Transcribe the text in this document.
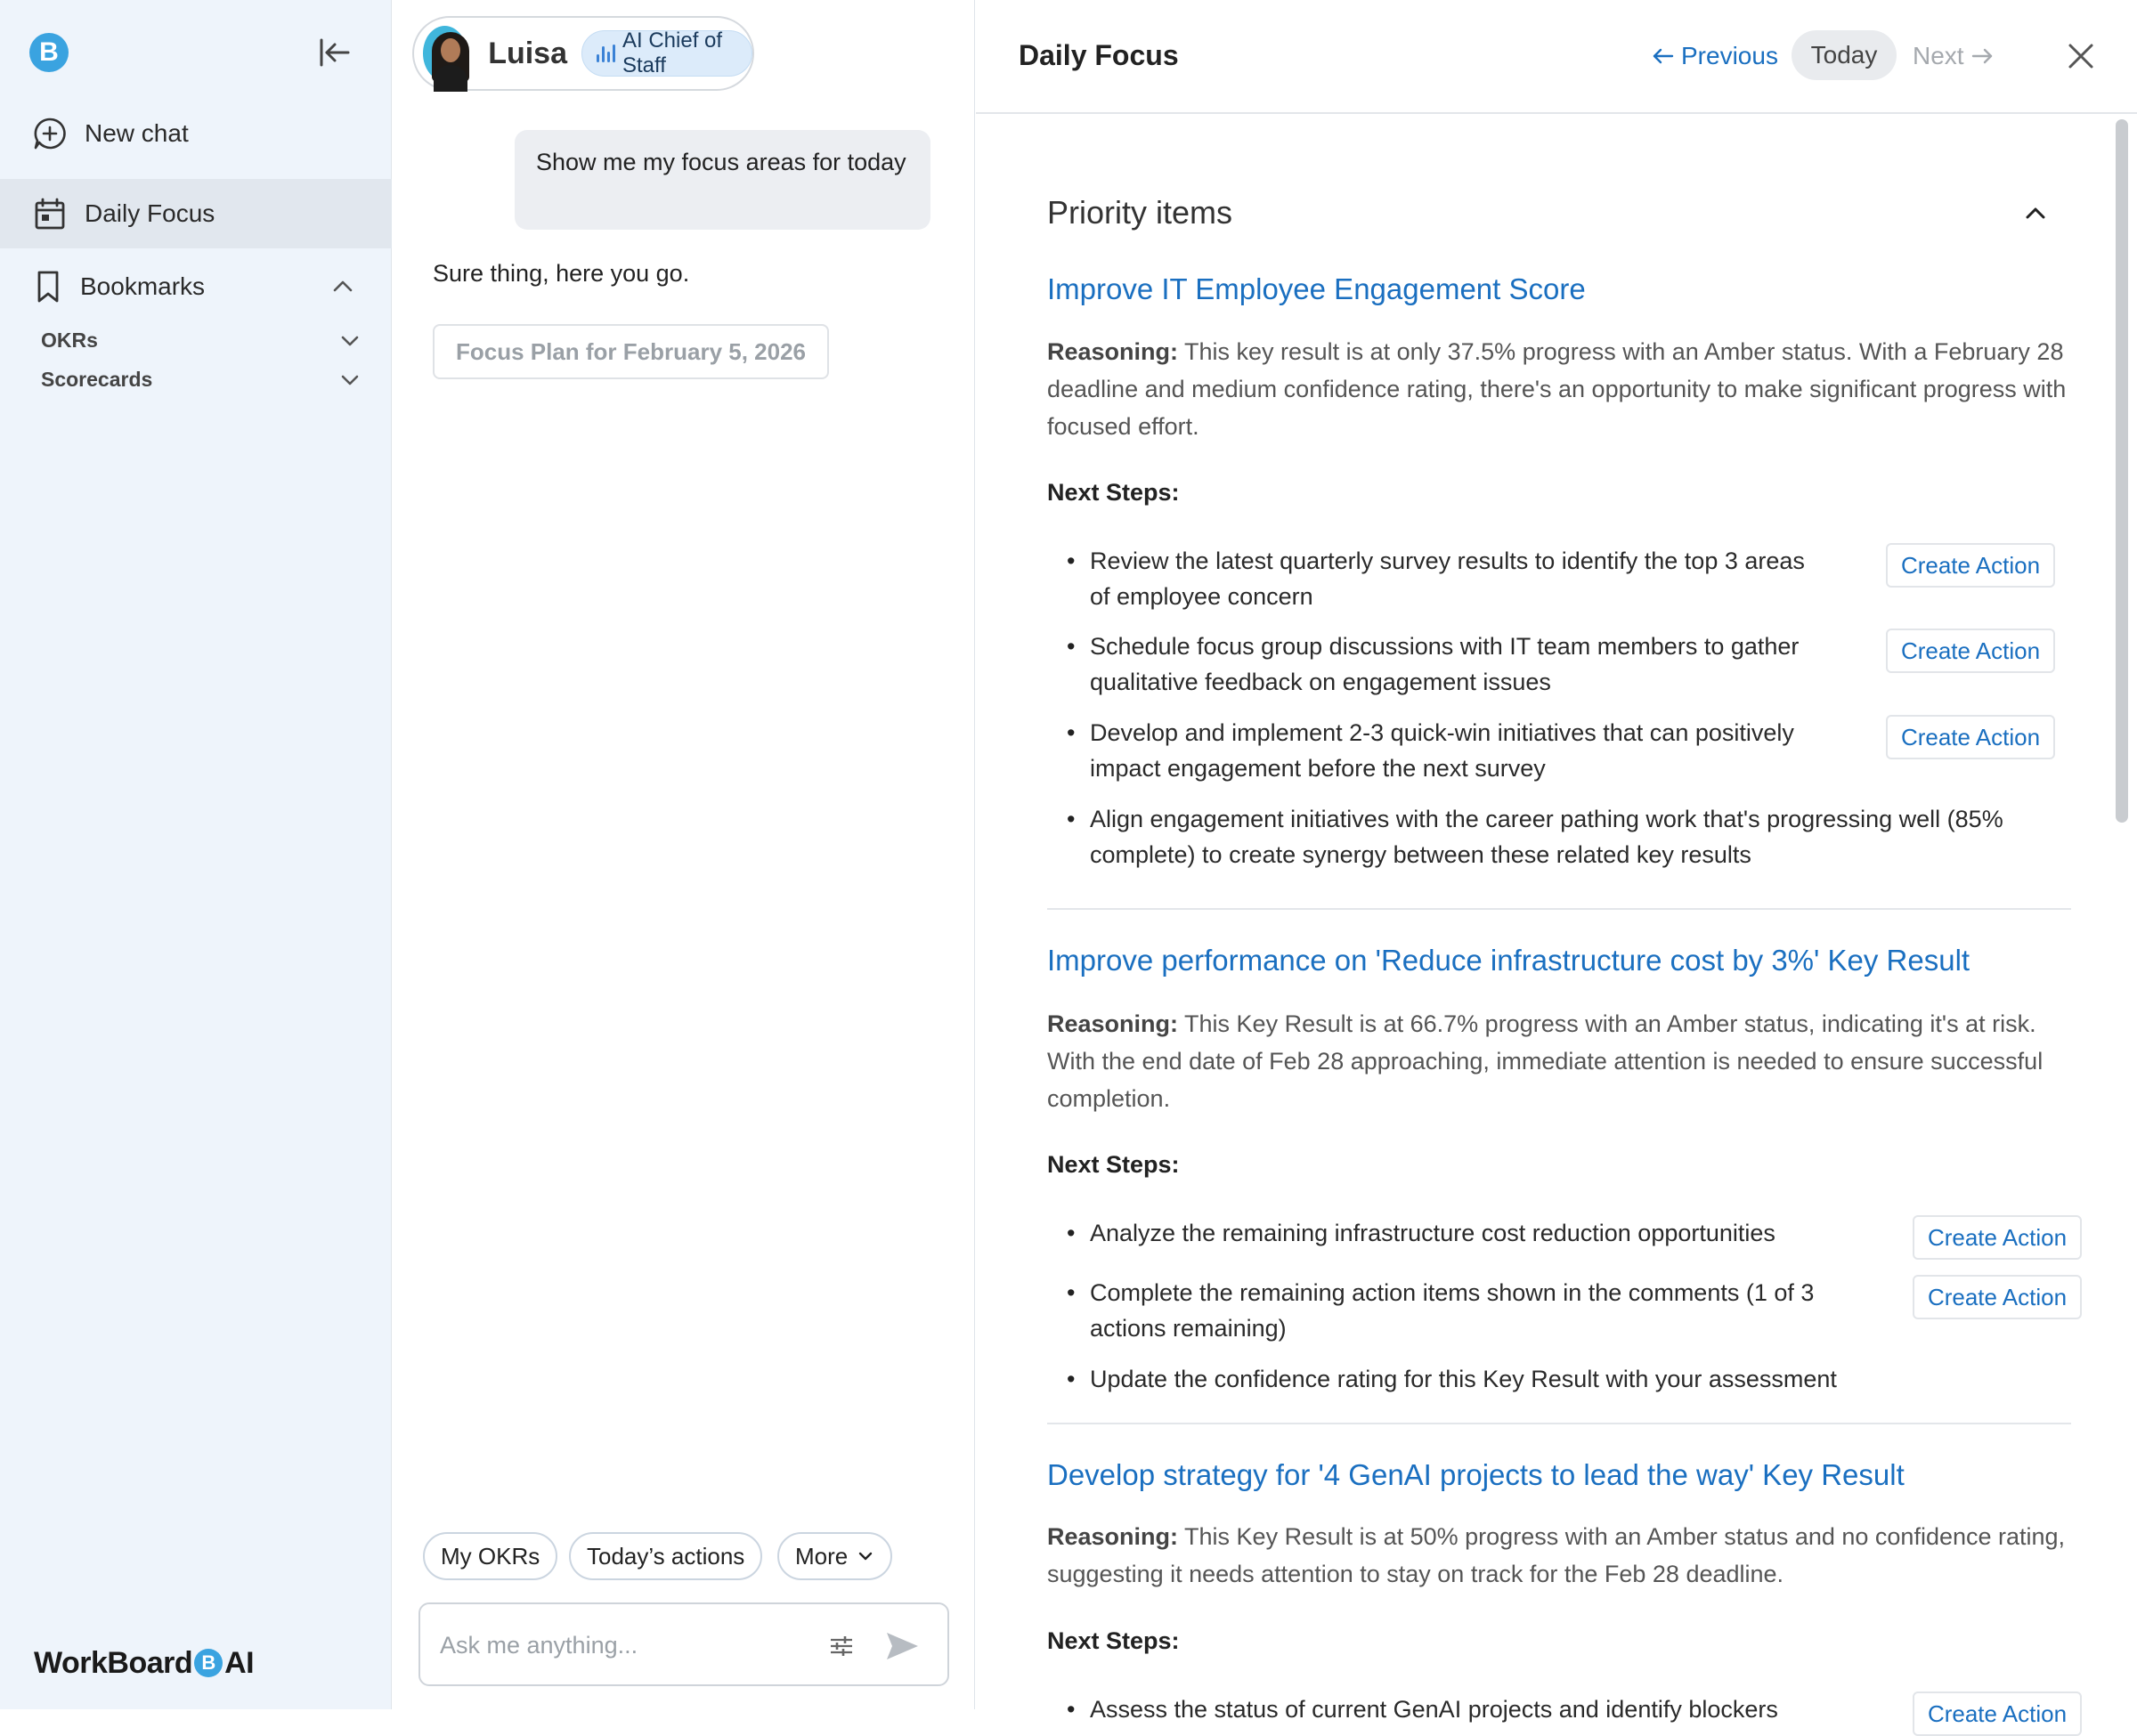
B
New chat
Daily Focus
Bookmarks
OKRs
Scorecards
WorkBoard B AI
Luisa	AI Chief of Staff
Show me my focus areas for today
Sure thing, here you go.
Focus Plan for February 5, 2026
My OKRs	Today’s actions	More
Ask me anything...
Daily Focus	Previous	Today	Next
Priority items
Improve IT Employee Engagement Score
Reasoning: This key result is at only 37.5% progress with an Amber status. With a February 28 deadline and medium confidence rating, there's an opportunity to make significant progress with focused effort.
Next Steps:
• Review the latest quarterly survey results to identify the top 3 areas of employee concern
Create Action
• Schedule focus group discussions with IT team members to gather qualitative feedback on engagement issues
Create Action
• Develop and implement 2-3 quick-win initiatives that can positively impact engagement before the next survey
Create Action
• Align engagement initiatives with the career pathing work that's progressing well (85% complete) to create synergy between these related key results
Improve performance on 'Reduce infrastructure cost by 3%' Key Result
Reasoning: This Key Result is at 66.7% progress with an Amber status, indicating it's at risk. With the end date of Feb 28 approaching, immediate attention is needed to ensure successful completion.
Next Steps:
• Analyze the remaining infrastructure cost reduction opportunities	Create Action
• Complete the remaining action items shown in the comments (1 of 3 actions remaining)
Create Action
• Update the confidence rating for this Key Result with your assessment
Develop strategy for '4 GenAI projects to lead the way' Key Result
Reasoning: This Key Result is at 50% progress with an Amber status and no confidence rating, suggesting it needs attention to stay on track for the Feb 28 deadline.
Next Steps:
• Assess the status of current GenAI projects and identify blockers	Create Action
